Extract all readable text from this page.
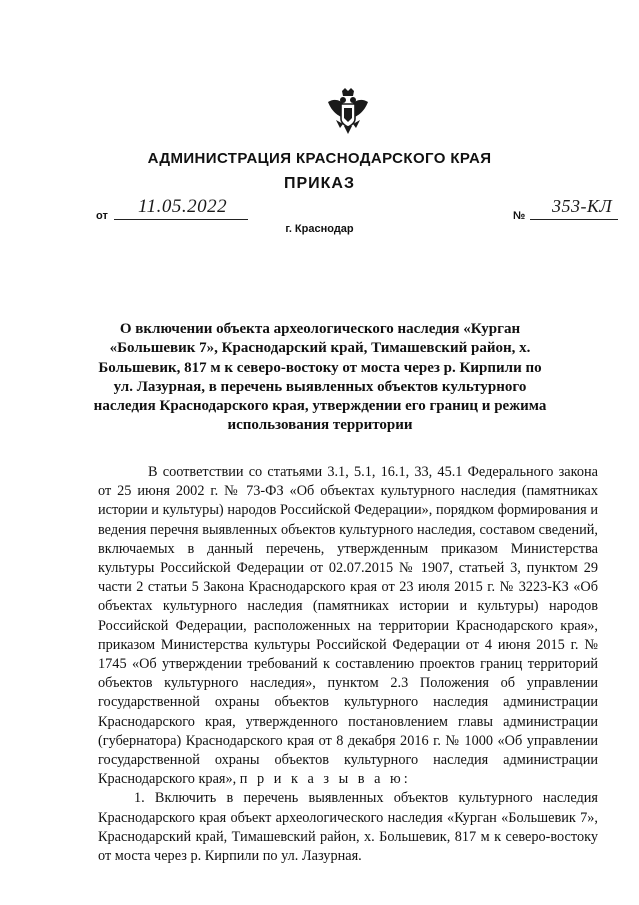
АДМИНИСТРАЦИЯ КРАСНОДАРСКОГО КРАЯ
ПРИКАЗ
от 11.05.2022	№ 353-КЛ
г. Краснодар
О включении объекта археологического наследия «Курган «Большевик 7», Краснодарский край, Тимашевский район, х. Большевик, 817 м к северо-востоку от моста через р. Кирпили по ул. Лазурная, в перечень выявленных объектов культурного наследия Краснодарского края, утверждении его границ и режима использования территории

В соответствии со статьями 3.1, 5.1, 16.1, 33, 45.1 Федерального закона от 25 июня 2002 г. № 73-ФЗ «Об объектах культурного наследия (памятниках истории и культуры) народов Российской Федерации», порядком формирования и ведения перечня выявленных объектов культурного наследия, составом сведений, включаемых в данный перечень, утвержденным приказом Министерства культуры Российской Федерации от 02.07.2015 № 1907, статьей 3, пунктом 29 части 2 статьи 5 Закона Краснодарского края от 23 июля 2015 г. № 3223-КЗ «Об объектах культурного наследия (памятниках истории и культуры) народов Российской Федерации, расположенных на территории Краснодарского края», приказом Министерства культуры Российской Федерации от 4 июня 2015 г. № 1745 «Об утверждении требований к составлению проектов границ территорий объектов культурного наследия», пунктом 2.3 Положения об управлении государственной охраны объектов культурного наследия администрации Краснодарского края, утвержденного постановлением главы администрации (губернатора) Краснодарского края от 8 декабря 2016 г. № 1000 «Об управлении государственной охраны объектов культурного наследия администрации Краснодарского края», п р и к а з ы в а ю:

1. Включить в перечень выявленных объектов культурного наследия Краснодарского края объект археологического наследия «Курган «Большевик 7», Краснодарский край, Тимашевский район, х. Большевик, 817 м к северо-востоку от моста через р. Кирпили по ул. Лазурная.
